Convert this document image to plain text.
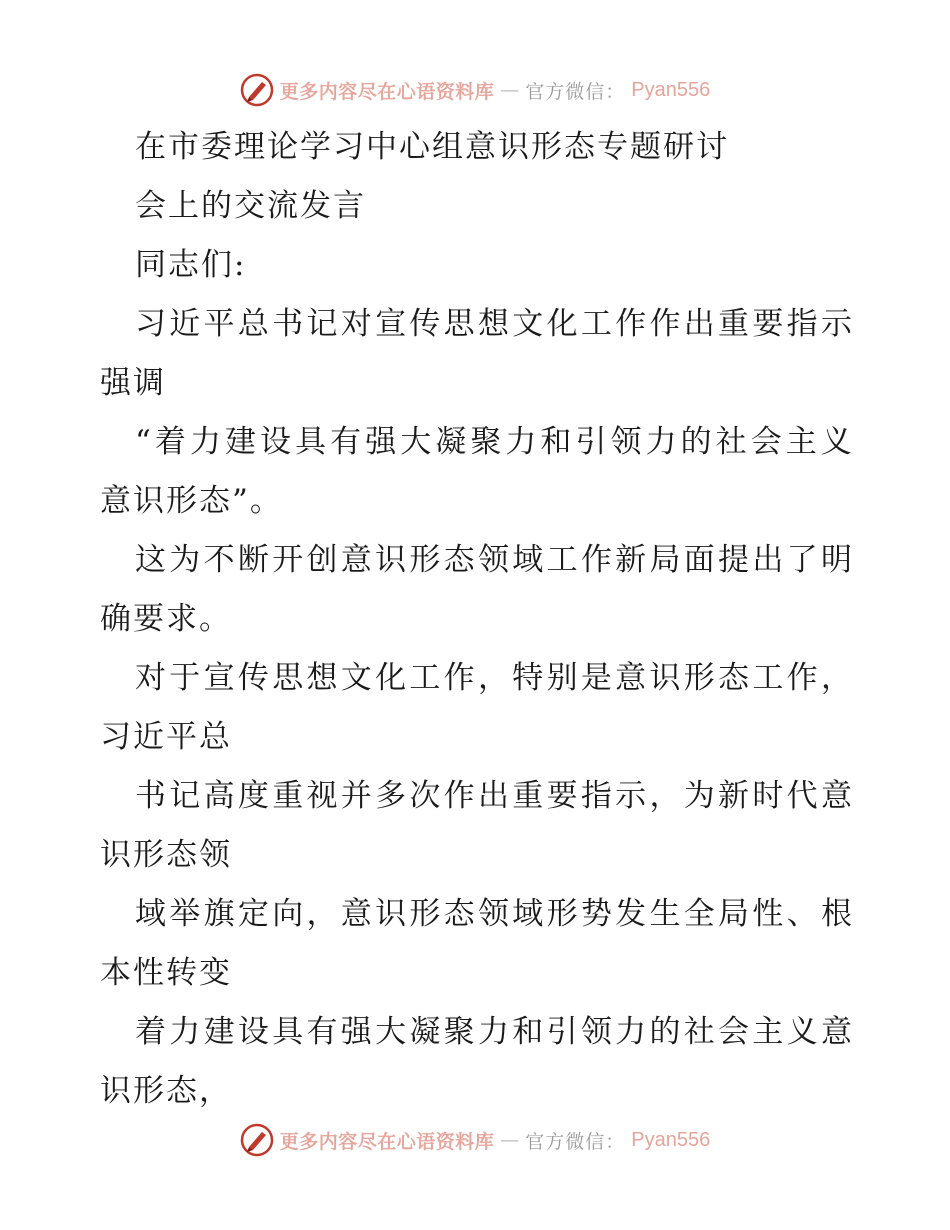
更多内容尽在心语资料库 — 官方微信： Pyan556
在市委理论学习中心组意识形态专题研讨
会上的交流发言
同志们:
习 近 平 总 书 记 对 宣 传 思 想 文 化 工 作 作 出 重 要 指 示
强调
“ 着 力 建 设 具 有 强 大 凝 聚 力 和 引 领 力 的 社 会 主 义
意识形态”。
这 为 不 断 开 创 意 识 形 态 领 域 工 作 新 局 面 提 出 了 明
确要求。
对 于 宣 传 思 想 文 化 工 作 ， 特 别 是 意 识 形 态 工 作 ，
习近平总
书 记 高 度 重 视 并 多 次 作 出 重 要 指 示 ， 为 新 时 代 意
识形态领
域 举 旗 定 向 ， 意 识 形 态 领 域 形 势 发 生 全 局 性 、 根
本性转变
着 力 建 设 具 有 强 大 凝 聚 力 和 引 领 力 的 社 会 主 义 意
识形态，
更多内容尽在心语资料库 — 官方微信： Pyan556
